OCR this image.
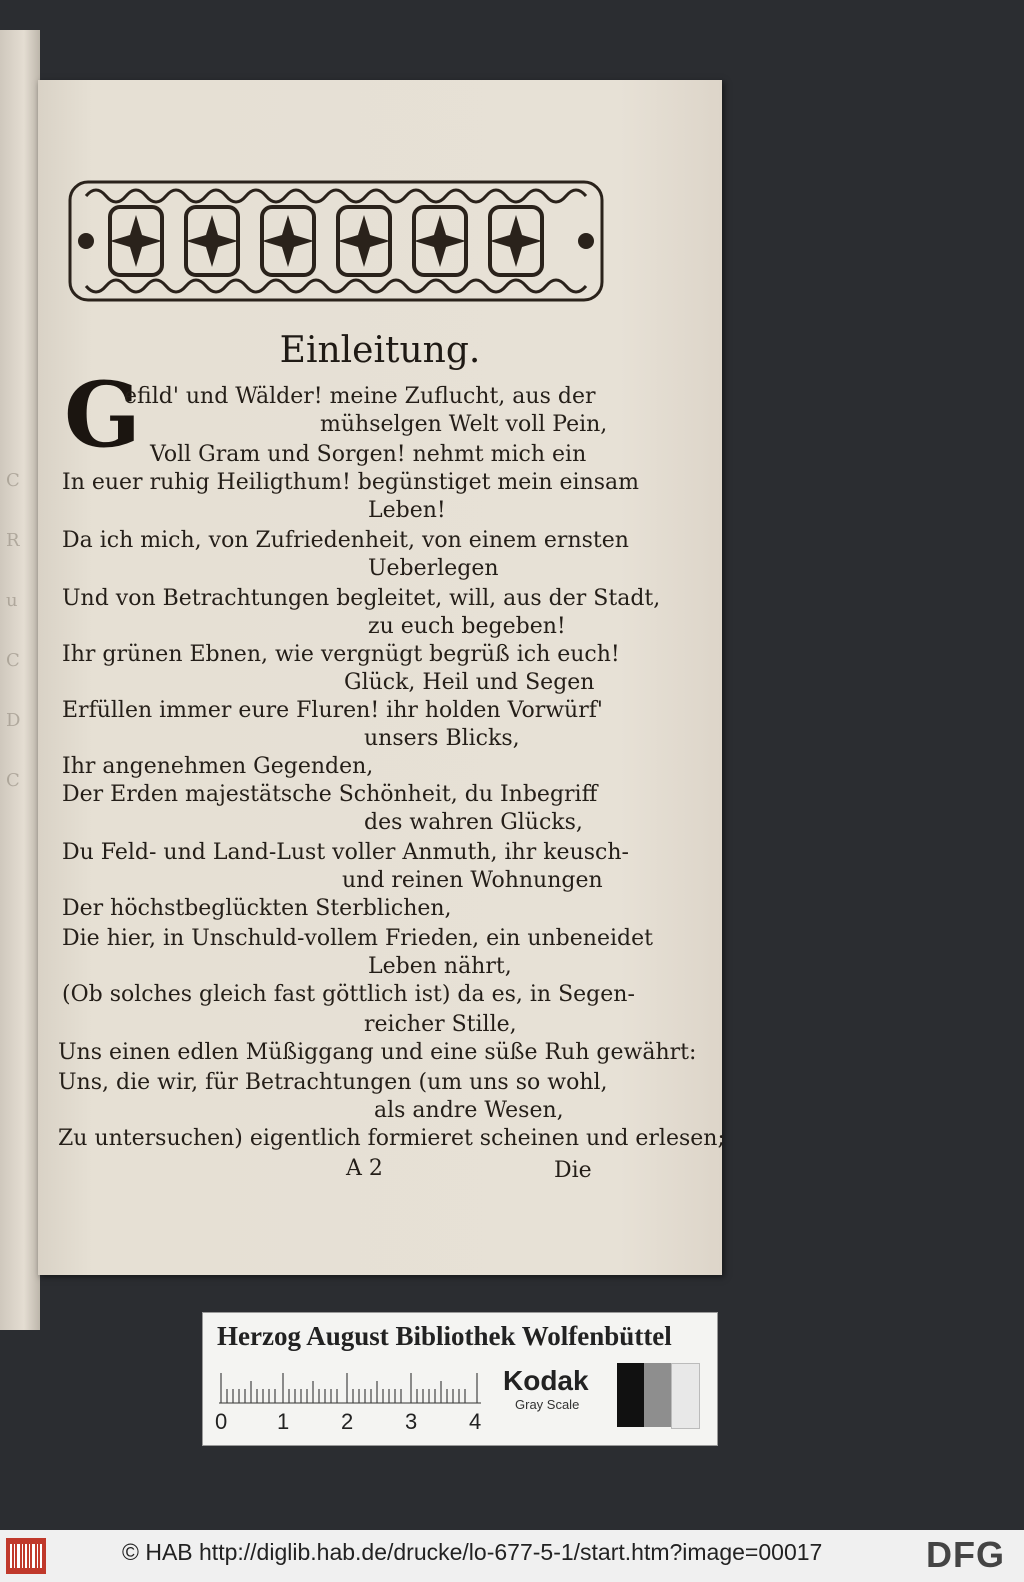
C
R
u
C
D
C
Einleitung.
G
efild' und Wälder! meine Zuflucht, aus der
mühselgen Welt voll Pein,
Voll Gram und Sorgen! nehmt mich ein
In euer ruhig Heiligthum! begünstiget mein einsam
Leben!
Da ich mich, von Zufriedenheit, von einem ernsten
Ueberlegen
Und von Betrachtungen begleitet, will, aus der Stadt,
zu euch begeben!
Ihr grünen Ebnen, wie vergnügt begrüß ich euch!
Glück, Heil und Segen
Erfüllen immer eure Fluren! ihr holden Vorwürf'
unsers Blicks,
Ihr angenehmen Gegenden,
Der Erden majestätsche Schönheit, du Inbegriff
des wahren Glücks,
Du Feld- und Land-Lust voller Anmuth, ihr keusch-
und reinen Wohnungen
Der höchstbeglückten Sterblichen,
Die hier, in Unschuld-vollem Frieden, ein unbeneidet
Leben nährt,
(Ob solches gleich fast göttlich ist) da es, in Segen-
reicher Stille,
Uns einen edlen Müßiggang und eine süße Ruh gewährt:
Uns, die wir, für Betrachtungen (um uns so wohl,
als andre Wesen,
Zu untersuchen) eigentlich formieret scheinen und erlesen;
A 2	Die
Herzog August Bibliothek Wolfenbüttel
0 1 2 3 4
Kodak
Gray Scale
© HAB http://diglib.hab.de/drucke/lo-677-5-1/start.htm?image=00017	DFG
